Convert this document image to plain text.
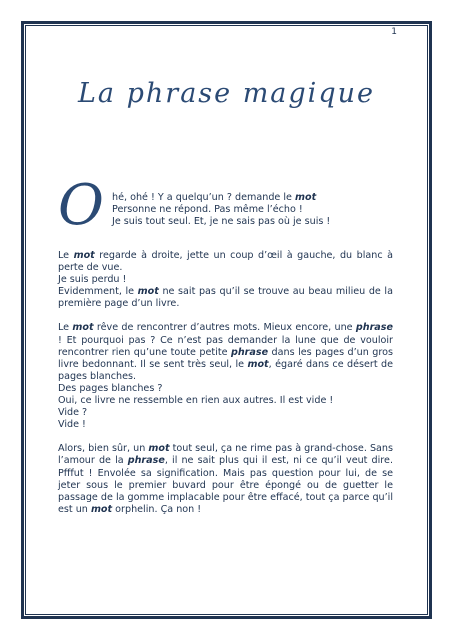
1
La phrase magique
O hé, ohé ! Y a quelqu’un ? demande le mot
Personne ne répond. Pas même l’écho !
Je suis tout seul. Et, je ne sais pas où je suis !
Le mot regarde à droite, jette un coup d’œil à gauche, du blanc à perte de vue.
Je suis perdu !
Evidemment, le mot ne sait pas qu’il se trouve au beau milieu de la première page d’un livre.
Le mot rêve de rencontrer d’autres mots. Mieux encore, une phrase ! Et pourquoi pas ? Ce n’est pas demander la lune que de vouloir rencontrer rien qu’une toute petite phrase dans les pages d’un gros livre bedonnant. Il se sent très seul, le mot, égaré dans ce désert de pages blanches.
Des pages blanches ?
Oui, ce livre ne ressemble en rien aux autres. Il est vide !
Vide ?
Vide !
Alors, bien sûr, un mot tout seul, ça ne rime pas à grand-chose. Sans l’amour de la phrase, il ne sait plus qui il est, ni ce qu’il veut dire. Pfffut ! Envolée sa signification. Mais pas question pour lui, de se jeter sous le premier buvard pour être épongé ou de guetter le passage de la gomme implacable pour être effacé, tout ça parce qu’il est un mot orphelin. Ça non !
